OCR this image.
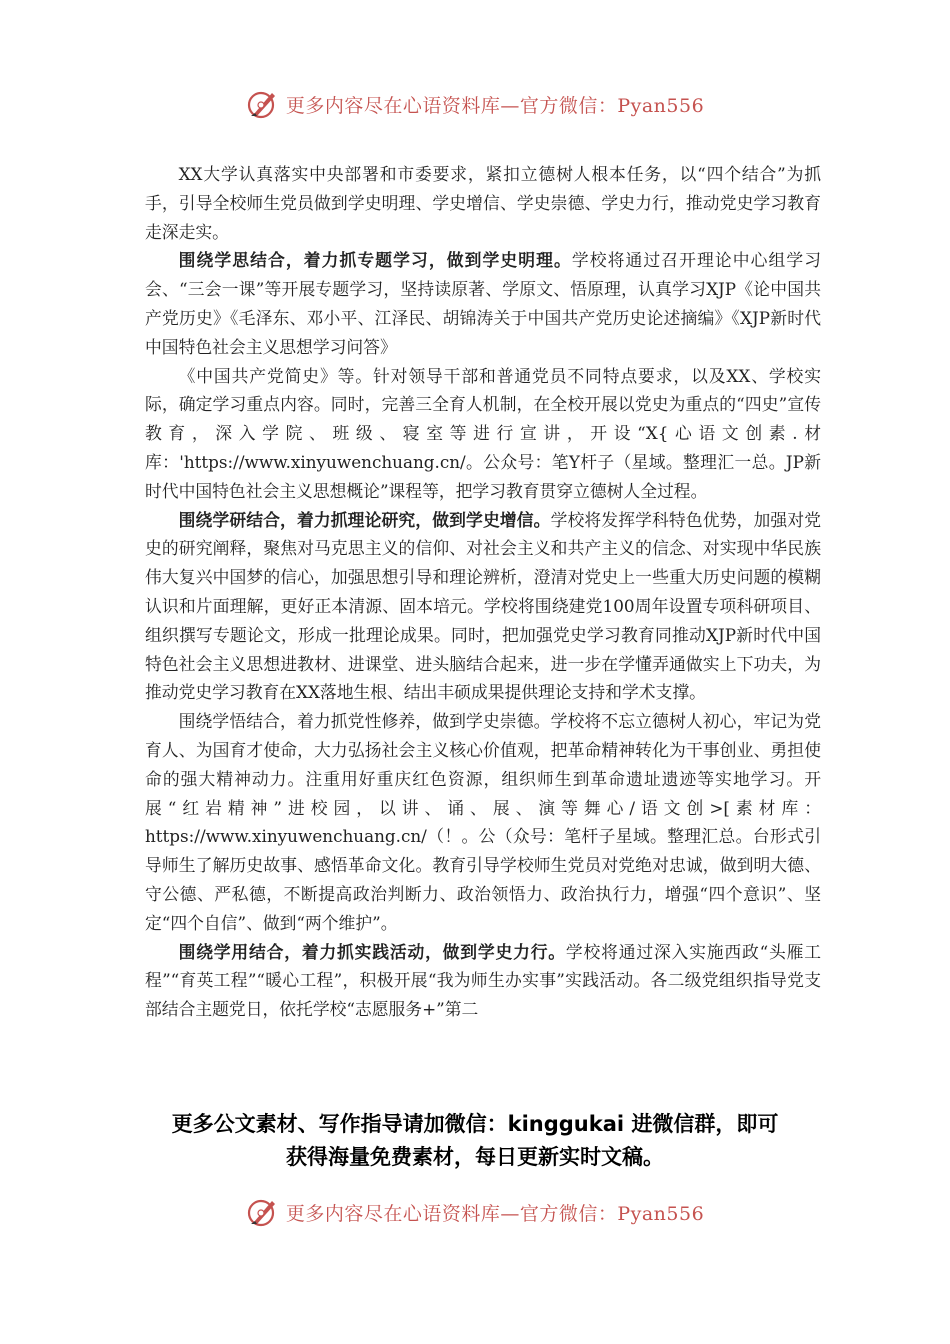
更多内容尽在心语资料库—官方微信：Pyan556

XX大学认真落实中央部署和市委要求，紧扣立德树人根本任务，以“四个结合”为抓手，引导全校师生党员做到学史明理、学史增信、学史崇德、学史力行，推动党史学习教育走深走实。

围绕学思结合，着力抓专题学习，做到学史明理。学校将通过召开理论中心组学习会、“三会一课”等开展专题学习，坚持读原著、学原文、悟原理，认真学习XJP《论中国共产党历史》《毛泽东、邓小平、江泽民、胡锦涛关于中国共产党历史论述摘编》《XJP新时代中国特色社会主义思想学习问答》

《中国共产党简史》等。针对领导干部和普通党员不同特点要求，以及XX、学校实际，确定学习重点内容。同时，完善三全育人机制，在全校开展以党史为重点的“四史”宣传教育，深入学院、班级、寝室等进行宣讲，开设“X{心语文创素.材库：'https://www.xinyuwenchuang.cn/。公众号：笔Y杆子（星域。整理汇一总。JP新时代中国特色社会主义思想概论”课程等，把学习教育贯穿立德树人全过程。

围绕学研结合，着力抓理论研究，做到学史增信。学校将发挥学科特色优势，加强对党史的研究阐释，聚焦对马克思主义的信仰、对社会主义和共产主义的信念、对实现中华民族伟大复兴中国梦的信心，加强思想引导和理论辨析，澄清对党史上一些重大历史问题的模糊认识和片面理解，更好正本清源、固本培元。学校将围绕建党100周年设置专项科研项目、组织撰写专题论文，形成一批理论成果。同时，把加强党史学习教育同推动XJP新时代中国特色社会主义思想进教材、进课堂、进头脑结合起来，进一步在学懂弄通做实上下功夫，为推动党史学习教育在XX落地生根、结出丰硕成果提供理论支持和学术支撑。

围绕学悟结合，着力抓党性修养，做到学史崇德。学校将不忘立德树人初心，牢记为党育人、为国育才使命，大力弘扬社会主义核心价值观，把革命精神转化为干事创业、勇担使命的强大精神动力。注重用好重庆红色资源，组织师生到革命遗址遗迹等实地学习。开展“红岩精神”进校园，以讲、诵、展、演等舞心/语文创>[素材库：https://www.xinyuwenchuang.cn/（！。公（众号：笔杆子星域。整理汇总。台形式引导师生了解历史故事、感悟革命文化。教育引导学校师生党员对党绝对忠诚，做到明大德、守公德、严私德，不断提高政治判断力、政治领悟力、政治执行力，增强“四个意识”、坚定“四个自信”、做到“两个维护”。

围绕学用结合，着力抓实践活动，做到学史力行。学校将通过深入实施西政“头雁工程”“育英工程”“暖心工程”，积极开展“我为师生办实事”实践活动。各二级党组织指导党支部结合主题党日，依托学校“志愿服务+”第二

更多公文素材、写作指导请加微信：kinggukai 进微信群，即可
获得海量免费素材，每日更新实时文稿。
更多内容尽在心语资料库—官方微信：Pyan556
